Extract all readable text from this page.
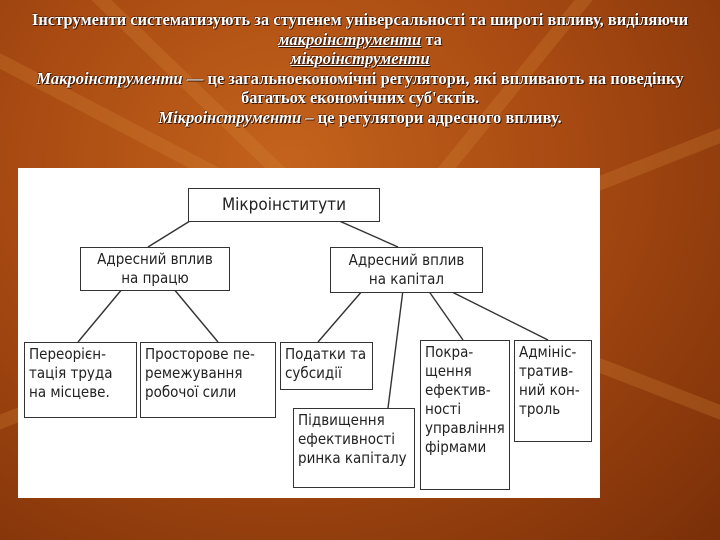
Інструменти систематизують за ступенем універсальності та широті впливу, виділяючи макроінструменти та
мікроінструменти

Макроінструменти — це загальноекономічні регулятори, які впливають на поведінку багатьох економічних суб'єктів.

Мікроінструменти – це регулятори адресного впливу.

Мікроінститути
Адресний вплив
на працю
Адресний вплив
на капітал
Переорієн-
тація труда
на місцеве.
Просторове пе-
ремежування
робочої сили
Податки та
субсидії
Підвищення
ефективності
ринка капіталу
Покра-
щення
ефектив-
ності
управління
фірмами
Адмініс-
тратив-
ний кон-
троль
